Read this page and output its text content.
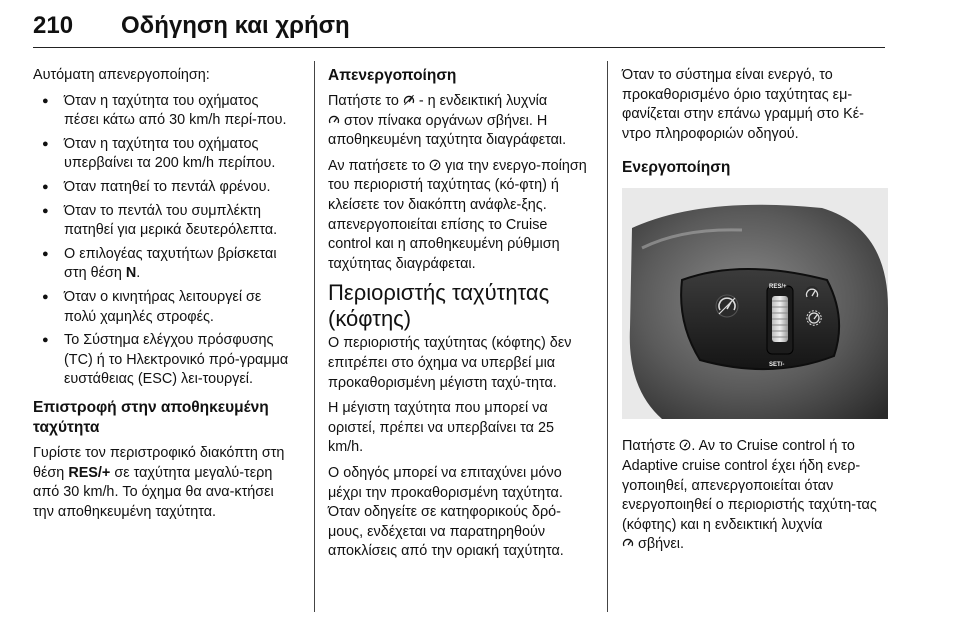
210 Οδήγηση και χρήση

Αυτόματη απενεργοποίηση:

● Όταν η ταχύτητα του οχήματος πέσει κάτω από 30 km/h περί-που.
● Όταν η ταχύτητα του οχήματος υπερβαίνει τα 200 km/h περίπου.
● Όταν πατηθεί το πεντάλ φρένου.
● Όταν το πεντάλ του συμπλέκτη πατηθεί για μερικά δευτερόλεπτα.
● Ο επιλογέας ταχυτήτων βρίσκεται στη θέση N.
● Όταν ο κινητήρας λειτουργεί σε πολύ χαμηλές στροφές.
● Το Σύστημα ελέγχου πρόσφυσης (TC) ή το Ηλεκτρονικό πρό-γραμμα ευστάθειας (ESC) λει-τουργεί.
Επιστροφή στην αποθηκευμένη ταχύτητα

Γυρίστε τον περιστροφικό διακόπτη στη θέση RES/+ σε ταχύτητα μεγαλύ-τερη από 30 km/h. Το όχημα θα ανα-κτήσει την αποθηκευμένη ταχύτητα.

Απενεργοποίηση

Πατήστε το - η ενδεικτική λυχνία

στον πίνακα οργάνων σβήνει. Η αποθηκευμένη ταχύτητα διαγράφεται.

Αν πατήσετε το για την ενεργο-ποίηση του περιοριστή ταχύτητας (κό-φτη) ή κλείσετε τον διακόπτη ανάφλε-ξης. απενεργοποιείται επίσης το Cruise control και η αποθηκευμένη ρύθμιση ταχύτητας διαγράφεται.

Περιοριστής ταχύτητας (κόφτης)

Ο περιοριστής ταχύτητας (κόφτης) δεν επιτρέπει στο όχημα να υπερβεί μια προκαθορισμένη μέγιστη ταχύ-τητα.

Η μέγιστη ταχύτητα που μπορεί να οριστεί, πρέπει να υπερβαίνει τα 25 km/h.

Ο οδηγός μπορεί να επιταχύνει μόνο μέχρι την προκαθορισμένη ταχύτητα. Όταν οδηγείτε σε κατηφορικούς δρό-μους, ενδέχεται να παρατηρηθούν αποκλίσεις από την οριακή ταχύτητα.

Όταν το σύστημα είναι ενεργό, το προκαθορισμένο όριο ταχύτητας εμ-φανίζεται στην επάνω γραμμή στο Κέ-ντρο πληροφοριών οδηγού.

Ενεργοποίηση
RES/+
SET/-

Πατήστε . Αν το Cruise control ή το Adaptive cruise control έχει ήδη ενερ-γοποιηθεί, απενεργοποιείται όταν ενεργοποιηθεί ο περιοριστής ταχύτη-τας (κόφτης) και η ενδεικτική λυχνία

σβήνει.
